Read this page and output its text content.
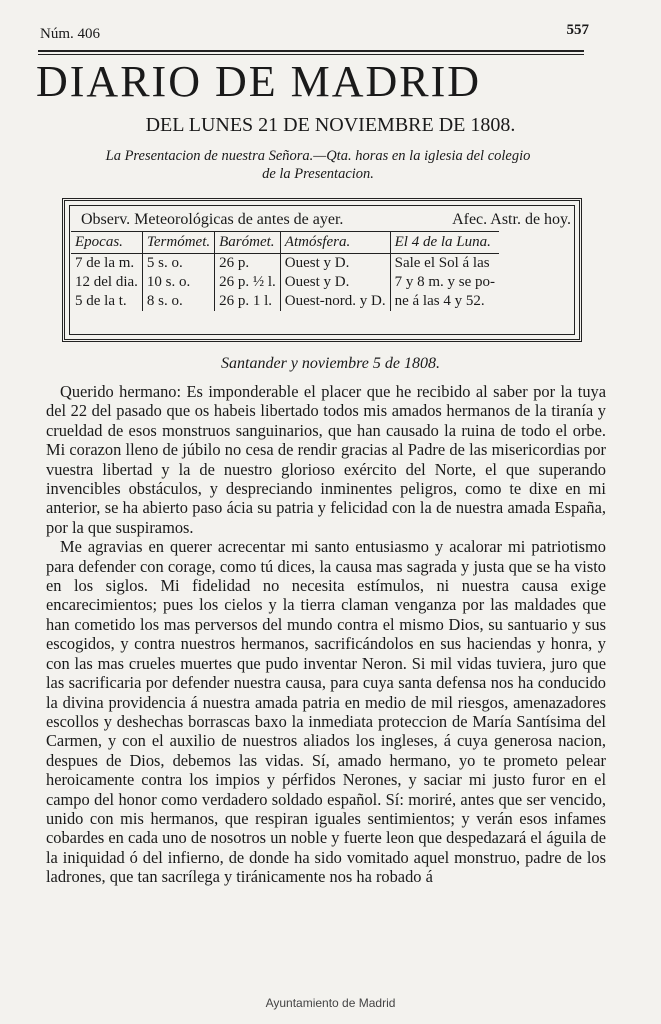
Núm. 406	557
DIARIO DE MADRID
DEL LUNES 21 DE NOVIEMBRE DE 1808.
La Presentacion de nuestra Señora.—Qta. horas en la iglesia del colegio
de la Presentacion.
Observ. Meteorológicas de antes de ayer.	Afec. Astr. de hoy.
Epocas.	Termómet.	Barómet.	Atmósfera.	El 4 de la Luna.
7 de la m.	5 s. o.	26 p.	Ouest y D.	Sale el Sol á las
12 del dia.	10 s. o.	26 p. ½ l.	Ouest y D.	7 y 8 m. y se po-
5 de la t.	8 s. o.	26 p. 1 l.	Ouest-nord. y D.	ne á las 4 y 52.
Santander y noviembre 5 de 1808.

Querido hermano: Es imponderable el placer que he recibido al saber por la tuya del 22 del pasado que os habeis libertado todos mis amados hermanos de la tiranía y crueldad de esos monstruos sanguinarios, que han causado la ruina de todo el orbe. Mi corazon lleno de júbilo no cesa de rendir gracias al Padre de las misericordias por vuestra libertad y la de nuestro glorioso exército del Norte, el que superando invencibles obstáculos, y despreciando inminentes peligros, como te dixe en mi anterior, se ha abierto paso ácia su patria y felicidad con la de nuestra amada España, por la que suspiramos.

Me agravias en querer acrecentar mi santo entusiasmo y acalorar mi patriotismo para defender con corage, como tú dices, la causa mas sagrada y justa que se ha visto en los siglos. Mi fidelidad no necesita estímulos, ni nuestra causa exige encarecimientos; pues los cielos y la tierra claman venganza por las maldades que han cometido los mas perversos del mundo contra el mismo Dios, su santuario y sus escogidos, y contra nuestros hermanos, sacrificándolos en sus haciendas y honra, y con las mas crueles muertes que pudo inventar Neron. Si mil vidas tuviera, juro que las sacrificaria por defender nuestra causa, para cuya santa defensa nos ha conducido la divina providencia á nuestra amada patria en medio de mil riesgos, amenazadores escollos y deshechas borrascas baxo la inmediata proteccion de María Santísima del Carmen, y con el auxilio de nuestros aliados los ingleses, á cuya generosa nacion, despues de Dios, debemos las vidas. Sí, amado hermano, yo te prometo pelear heroicamente contra los impios y pérfidos Nerones, y saciar mi justo furor en el campo del honor como verdadero soldado español. Sí: moriré, antes que ser vencido, unido con mis hermanos, que respiran iguales sentimientos; y verán esos infames cobardes en cada uno de nosotros un noble y fuerte leon que despedazará el águila de la iniquidad ó del infierno, de donde ha sido vomitado aquel monstruo, padre de los ladrones, que tan sacrílega y tiránicamente nos ha robado á

Ayuntamiento de Madrid
